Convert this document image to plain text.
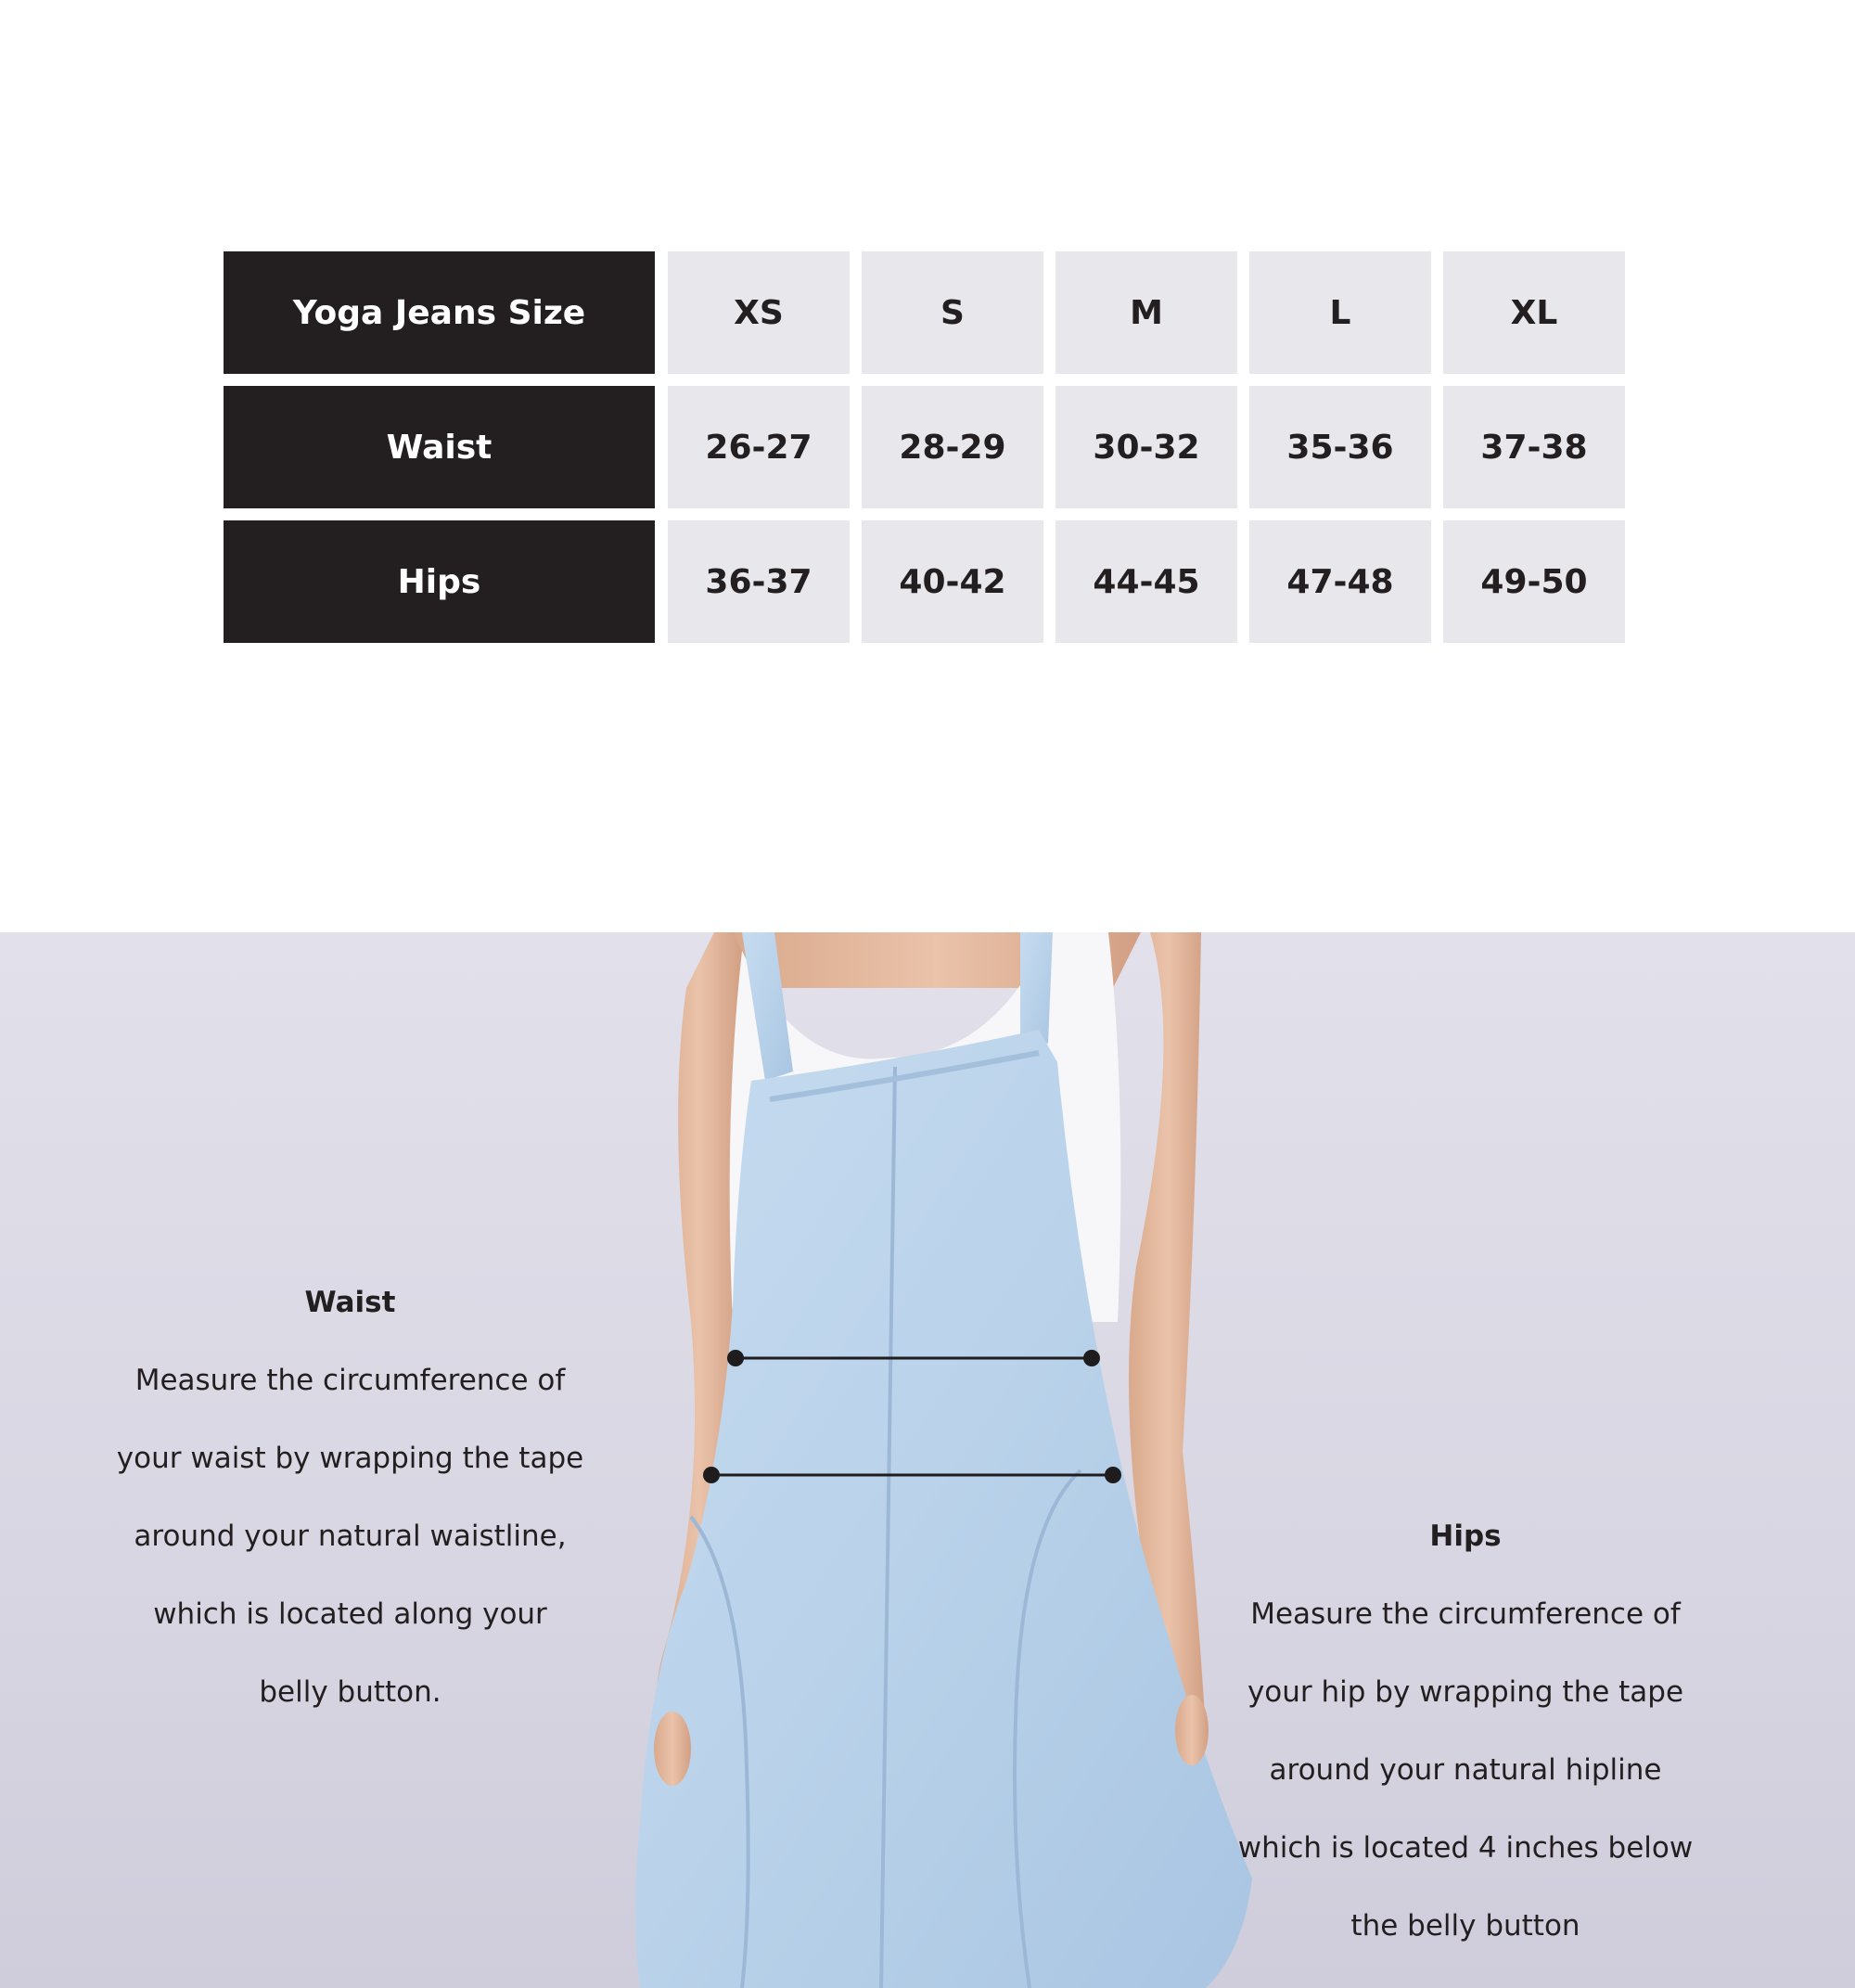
Yoga Jeans Size	XS	S	M	L	XL
Waist	26-27	28-29	30-32	35-36	37-38
Hips	36-37	40-42	44-45	47-48	49-50
Waist

Measure the circumference of

your waist by wrapping the tape

around your natural waistline,

which is located along your

belly button.

Hips

Measure the circumference of

your hip by wrapping the tape

around your natural hipline

which is located 4 inches below

the belly button
